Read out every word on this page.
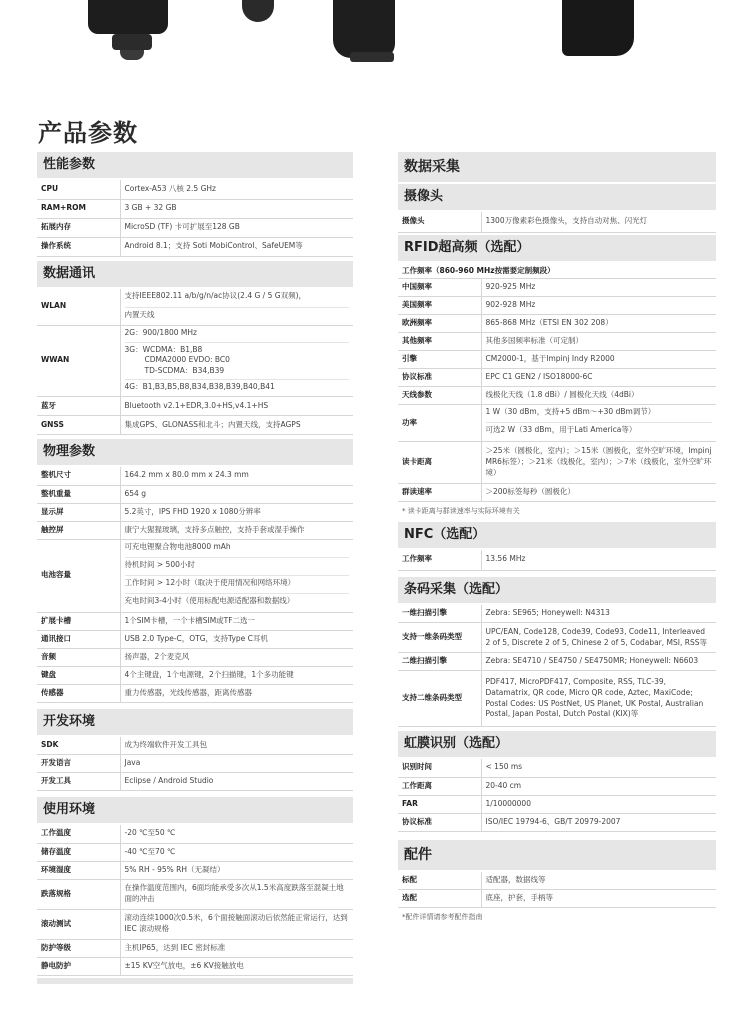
产品参数
性能参数
CPU	Cortex-A53 八核 2.5 GHz
RAM+ROM	3 GB + 32 GB
拓展内存	MicroSD (TF) 卡可扩展至128 GB
操作系统	Android 8.1；支持 Soti MobiControl、SafeUEM等
数据通讯
WLAN	支持IEEE802.11 a/b/g/n/ac协议(2.4 G / 5 G双频)，
内置天线

WWAN	2G：900/1800 MHz
3G：WCDMA：B1,B8
CDMA2000 EVDO: BC0
TD-SCDMA：B34,B39
4G：B1,B3,B5,B8,B34,B38,B39,B40,B41

蓝牙	Bluetooth v2.1+EDR,3.0+HS,v4.1+HS
GNSS	集成GPS、GLONASS和北斗；内置天线，支持AGPS
物理参数
整机尺寸	164.2 mm x 80.0 mm x 24.3 mm
整机重量	654 g
显示屏	5.2英寸，IPS FHD 1920 x 1080分辨率
触控屏	康宁大猩猩玻璃，支持多点触控，支持手套或湿手操作
电池容量	可充电锂聚合物电池8000 mAh
待机时间 > 500小时
工作时间 > 12小时（取决于使用情况和网络环境）
充电时间3-4小时（使用标配电源适配器和数据线）

扩展卡槽	1个SIM卡槽，一个卡槽SIM或TF二选一
通讯接口	USB 2.0 Type-C，OTG，支持Type C耳机
音频	扬声器，2个麦克风
键盘	4个主键盘，1个电源键，2个扫描键，1个多功能键
传感器	重力传感器，光线传感器，距离传感器
开发环境
SDK	成为终端软件开发工具包
开发语言	Java
开发工具	Eclipse / Android Studio
使用环境
工作温度	-20 ℃至50 ℃
储存温度	-40 ℃至70 ℃
环境湿度	5% RH - 95% RH（无凝结）
跌落规格	在操作温度范围内，6面均能承受多次从1.5米高度跌落至混凝土地面的冲击
滚动测试	滚动连续1000次0.5米，6个面接触面滚动后依然能正常运行，达到 IEC 滚动规格
防护等级	主机IP65，达到 IEC 密封标准
静电防护	±15 KV空气放电，±6 KV接触放电
数据采集
摄像头
摄像头	1300万像素彩色摄像头，支持自动对焦、闪光灯
RFID超高频（选配）
工作频率（860-960 MHz按需要定制频段）
中国频率	920-925 MHz
美国频率	902-928 MHz
欧洲频率	865-868 MHz（ETSI EN 302 208）
其他频率	其他多国频率标准（可定制）
引擎	CM2000-1，基于Impinj Indy R2000
协议标准	EPC C1 GEN2 / ISO18000-6C
天线参数	线极化天线（1.8 dBi）/ 圆极化天线（4dBi）
功率	1 W（30 dBm，支持+5 dBm～+30 dBm调节）
可选2 W（33 dBm，用于Lati America等）

读卡距离	＞25米（圆极化，室内）；＞15米（圆极化，室外空旷环境，Impinj MR6标签）；＞21米（线极化，室内）；＞7米（线极化，室外空旷环境）
群读速率	＞200标签每秒（圆极化）
* 读卡距离与群读速率与实际环境有关
NFC（选配）
工作频率	13.56 MHz
条码采集（选配）
一维扫描引擎	Zebra: SE965; Honeywell: N4313
支持一维条码类型	UPC/EAN, Code128, Code39, Code93, Code11, Interleaved 2 of 5, Discrete 2 of 5, Chinese 2 of 5, Codabar, MSI, RSS等
二维扫描引擎	Zebra: SE4710 / SE4750 / SE4750MR; Honeywell: N6603
支持二维条码类型	PDF417, MicroPDF417, Composite, RSS, TLC-39, Datamatrix, QR code, Micro QR code, Aztec, MaxiCode; Postal Codes: US PostNet, US Planet, UK Postal, Australian Postal, Japan Postal, Dutch Postal (KIX)等
虹膜识别（选配）
识别时间	< 150 ms
工作距离	20-40 cm
FAR	1/10000000
协议标准	ISO/IEC 19794-6、GB/T 20979-2007
配件
标配	适配器，数据线等
选配	底座，护套，手柄等
*配件详情请参考配件指南
